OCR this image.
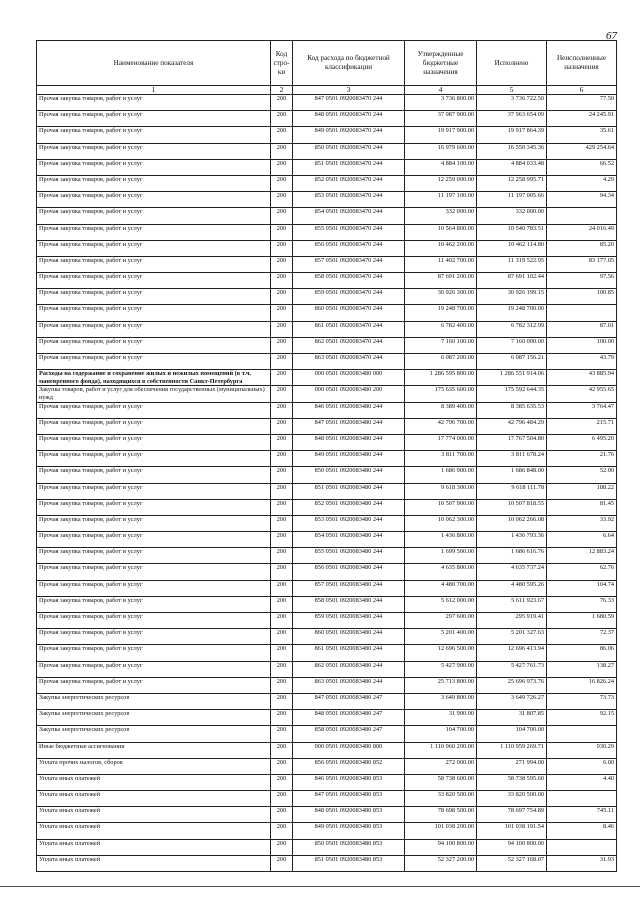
67
Наименование показателя	Код стро-ки	Код расхода по бюджетной классификации	Утвержденные бюджетные назначения	Исполнено	Неисполненные назначения
1	2	3	4	5	6
Прочая закупка товаров, работ и услуг	200	847 0501 0920083470 244	3 736 800.00	3 736 722.50	77.50
Прочая закупка товаров, работ и услуг	200	848 0501 0920083470 244	37 987 900.00	37 963 654.09	24 245.91
Прочая закупка товаров, работ и услуг	200	849 0501 0920083470 244	19 917 900.00	19 917 864.39	35.61
Прочая закупка товаров, работ и услуг	200	850 0501 0920083470 244	16 979 600.00	16 550 345.36	429 254.64
Прочая закупка товаров, работ и услуг	200	851 0501 0920083470 244	4 884 100.00	4 884 033.48	66.52
Прочая закупка товаров, работ и услуг	200	852 0501 0920083470 244	12 259 000.00	12 258 995.71	4.29
Прочая закупка товаров, работ и услуг	200	853 0501 0920083470 244	11 197 100.00	11 197 005.66	94.34
Прочая закупка товаров, работ и услуг	200	854 0501 0920083470 244	332 000.00	332 000.00	
Прочая закупка товаров, работ и услуг	200	855 0501 0920083470 244	10 564 800.00	10 540 783.51	24 016.49
Прочая закупка товаров, работ и услуг	200	856 0501 0920083470 244	10 462 200.00	10 462 114.80	85.20
Прочая закупка товаров, работ и услуг	200	857 0501 0920083470 244	11 402 700.00	11 319 522.95	83 177.05
Прочая закупка товаров, работ и услуг	200	858 0501 0920083470 244	87 691 200.00	87 691 102.44	97.56
Прочая закупка товаров, работ и услуг	200	859 0501 0920083470 244	30 926 300.00	30 926 199.15	100.85
Прочая закупка товаров, работ и услуг	200	860 0501 0920083470 244	19 248 700.00	19 248 700.00	
Прочая закупка товаров, работ и услуг	200	861 0501 0920083470 244	6 782 400.00	6 782 312.99	87.01
Прочая закупка товаров, работ и услуг	200	862 0501 0920083470 244	7 160 100.00	7 160 000.00	100.00
Прочая закупка товаров, работ и услуг	200	863 0501 0920083470 244	6 087 200.00	6 087 156.21	43.79
Расходы на содержание и сохранение жилых и нежилых помещений (в т.ч. маневренного фонда), находящихся в собственности Санкт-Петербурга	200	000 0501 0920083480 000	1 286 595 800.00	1 286 551 914.06	43 885.94
Закупка товаров, работ и услуг для обеспечения государственных (муниципальных) нужд	200	000 0501 0920083480 200	175 635 600.00	175 592 644.35	42 955.65
Прочая закупка товаров, работ и услуг	200	846 0501 0920083480 244	8 389 400.00	8 385 635.53	3 764.47
Прочая закупка товаров, работ и услуг	200	847 0501 0920083480 244	42 796 700.00	42 796 484.29	215.71
Прочая закупка товаров, работ и услуг	200	848 0501 0920083480 244	17 774 000.00	17 767 504.80	6 495.20
Прочая закупка товаров, работ и услуг	200	849 0501 0920083480 244	3 811 700.00	3 811 678.24	21.76
Прочая закупка товаров, работ и услуг	200	850 0501 0920083480 244	1 686 900.00	1 686 848.00	52.00
Прочая закупка товаров, работ и услуг	200	851 0501 0920083480 244	9 618 300.00	9 618 111.78	188.22
Прочая закупка товаров, работ и услуг	200	852 0501 0920083480 244	10 507 900.00	10 507 818.55	81.45
Прочая закупка товаров, работ и услуг	200	853 0501 0920083480 244	10 062 300.00	10 062 266.08	33.92
Прочая закупка товаров, работ и услуг	200	854 0501 0920083480 244	1 436 800.00	1 436 793.36	6.64
Прочая закупка товаров, работ и услуг	200	855 0501 0920083480 244	1 699 500.00	1 686 616.76	12 883.24
Прочая закупка товаров, работ и услуг	200	856 0501 0920083480 244	4 635 800.00	4 635 737.24	62.76
Прочая закупка товаров, работ и услуг	200	857 0501 0920083480 244	4 480 700.00	4 480 595.26	104.74
Прочая закупка товаров, работ и услуг	200	858 0501 0920083480 244	5 612 000.00	5 611 923.67	76.33
Прочая закупка товаров, работ и услуг	200	859 0501 0920083480 244	297 600.00	295 919.41	1 680.59
Прочая закупка товаров, работ и услуг	200	860 0501 0920083480 244	5 201 400.00	5 201 327.63	72.37
Прочая закупка товаров, работ и услуг	200	861 0501 0920083480 244	12 696 500.00	12 696 413.94	86.06
Прочая закупка товаров, работ и услуг	200	862 0501 0920083480 244	5 427 900.00	5 427 761.73	138.27
Прочая закупка товаров, работ и услуг	200	863 0501 0920083480 244	25 713 800.00	25 696 973.76	16 826.24
Закупка энергетических ресурсов	200	847 0501 0920083480 247	3 649 800.00	3 649 726.27	73.73
Закупка энергетических ресурсов	200	848 0501 0920083480 247	31 900.00	31 807.85	92.15
Закупка энергетических ресурсов	200	858 0501 0920083480 247	104 700.00	104 700.00	
Иные бюджетные ассигнования	200	000 0501 0920083480 800	1 110 960 200.00	1 110 959 269.71	930.29
Уплата прочих налогов, сборов	200	856 0501 0920083480 852	272 000.00	271 994.00	6.00
Уплата иных платежей	200	846 0501 0920083480 853	58 738 600.00	58 738 595.60	4.40
Уплата иных платежей	200	847 0501 0920083480 853	33 820 500.00	33 820 500.00	
Уплата иных платежей	200	848 0501 0920083480 853	78 698 500.00	78 697 754.89	745.11
Уплата иных платежей	200	849 0501 0920083480 853	101 038 200.00	101 038 191.54	8.46
Уплата иных платежей	200	850 0501 0920083480 853	94 100 800.00	94 100 800.00	
Уплата иных платежей	200	851 0501 0920083480 853	52 327 200.00	52 327 168.07	31.93
